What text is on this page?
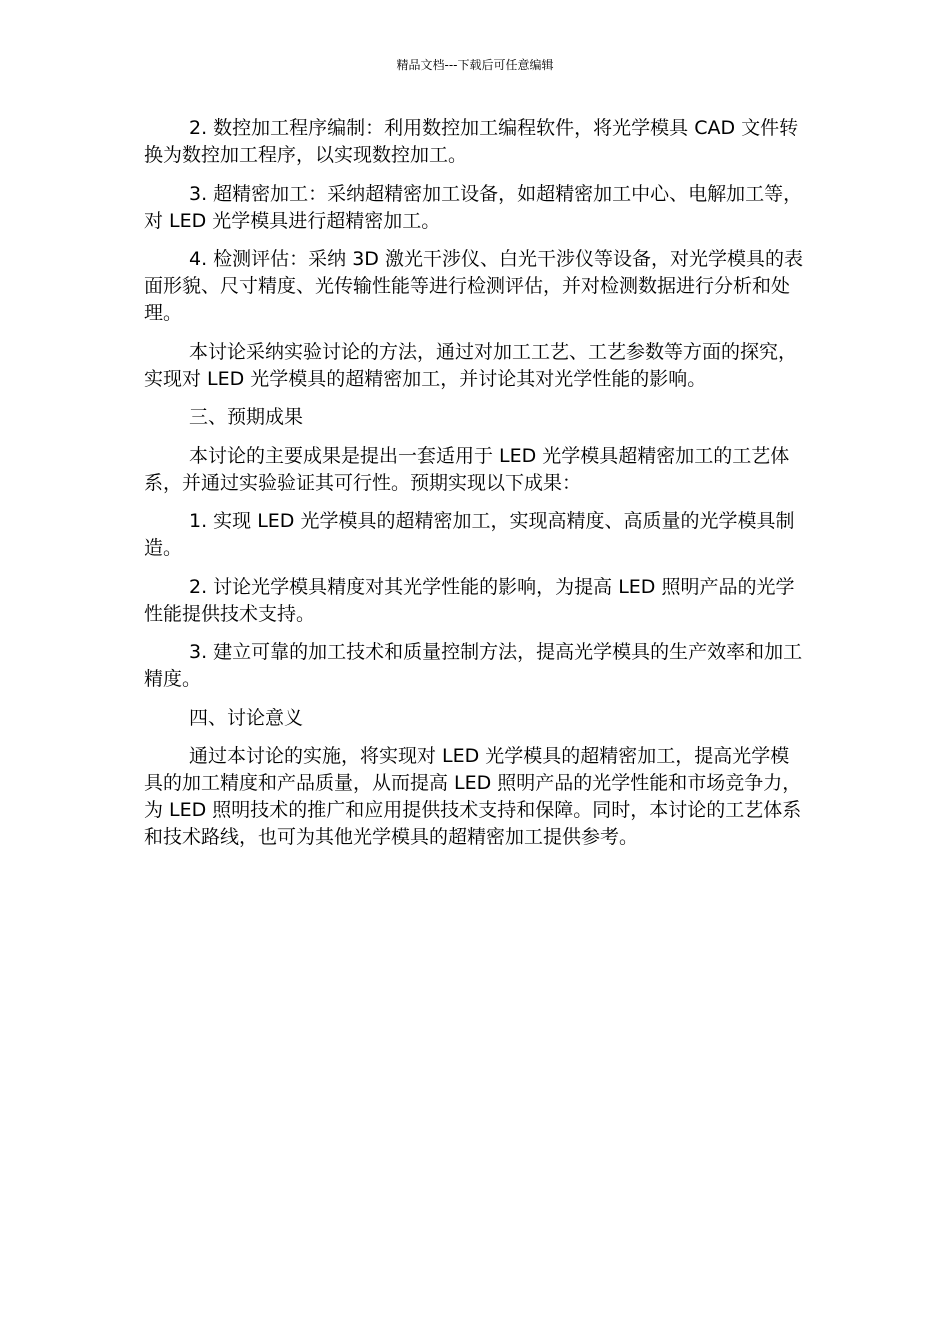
精品文档---下载后可任意编辑

2. 数控加工程序编制：利用数控加工编程软件，将光学模具 CAD 文件转换为数控加工程序，以实现数控加工。

3. 超精密加工：采纳超精密加工设备，如超精密加工中心、电解加工等，对 LED 光学模具进行超精密加工。

4. 检测评估：采纳 3D 激光干涉仪、白光干涉仪等设备，对光学模具的表面形貌、尺寸精度、光传输性能等进行检测评估，并对检测数据进行分析和处理。

本讨论采纳实验讨论的方法，通过对加工工艺、工艺参数等方面的探究，实现对 LED 光学模具的超精密加工，并讨论其对光学性能的影响。

三、预期成果

本讨论的主要成果是提出一套适用于 LED 光学模具超精密加工的工艺体系，并通过实验验证其可行性。预期实现以下成果：

1. 实现 LED 光学模具的超精密加工，实现高精度、高质量的光学模具制造。

2. 讨论光学模具精度对其光学性能的影响，为提高 LED 照明产品的光学性能提供技术支持。

3. 建立可靠的加工技术和质量控制方法，提高光学模具的生产效率和加工精度。

四、讨论意义

通过本讨论的实施，将实现对 LED 光学模具的超精密加工，提高光学模具的加工精度和产品质量，从而提高 LED 照明产品的光学性能和市场竞争力，为 LED 照明技术的推广和应用提供技术支持和保障。同时，本讨论的工艺体系和技术路线，也可为其他光学模具的超精密加工提供参考。
